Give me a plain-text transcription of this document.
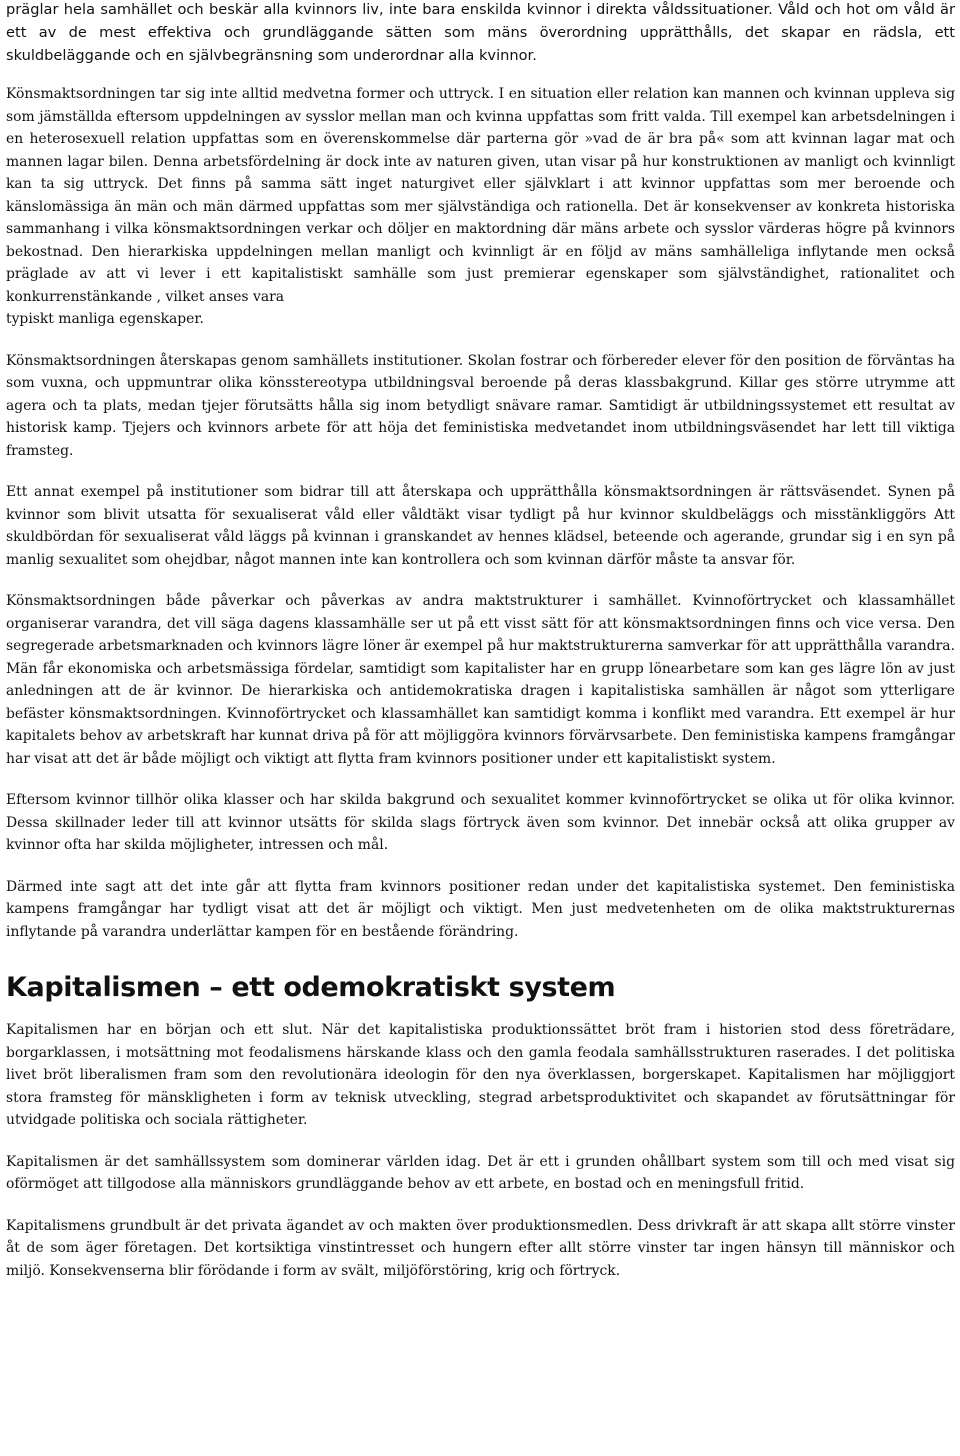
präglar hela samhället och beskär alla kvinnors liv, inte bara enskilda kvinnor i direkta våldssituationer. Våld och hot om våld är ett av de mest effektiva och grundläggande sätten som mäns överordning upprätthålls, det skapar en rädsla, ett skuldbeläggande och en självbegränsning som underordnar alla kvinnor.

Könsmaktsordningen tar sig inte alltid medvetna former och uttryck. I en situation eller relation kan mannen och kvinnan uppleva sig som jämställda eftersom uppdelningen av sysslor mellan man och kvinna uppfattas som fritt valda. Till exempel kan arbetsdelningen i en heterosexuell relation uppfattas som en överenskommelse där parterna gör »vad de är bra på« som att kvinnan lagar mat och mannen lagar bilen. Denna arbetsfördelning är dock inte av naturen given, utan visar på hur konstruktionen av manligt och kvinnligt kan ta sig uttryck. Det finns på samma sätt inget naturgivet eller självklart i att kvinnor uppfattas som mer beroende och känslomässiga än män och män därmed uppfattas som mer självständiga och rationella. Det är konsekvenser av konkreta historiska sammanhang i vilka könsmaktsordningen verkar och döljer en maktordning där mäns arbete och sysslor värderas högre på kvinnors bekostnad. Den hierarkiska uppdelningen mellan manligt och kvinnligt är en följd av mäns samhälleliga inflytande men också präglade av att vi lever i ett kapitalistiskt samhälle som just premierar egenskaper som självständighet, rationalitet och konkurrenstänkande , vilket anses vara

typiskt manliga egenskaper.

Könsmaktsordningen återskapas genom samhällets institutioner. Skolan fostrar och förbereder elever för den position de förväntas ha som vuxna, och uppmuntrar olika könsstereotypa utbildningsval beroende på deras klassbakgrund. Killar ges större utrymme att agera och ta plats, medan tjejer förutsätts hålla sig inom betydligt snävare ramar. Samtidigt är utbildningssystemet ett resultat av historisk kamp. Tjejers och kvinnors arbete för att höja det feministiska medvetandet inom utbildningsväsendet har lett till viktiga framsteg.

Ett annat exempel på institutioner som bidrar till att återskapa och upprätthålla könsmaktsordningen är rättsväsendet. Synen på kvinnor som blivit utsatta för sexualiserat våld eller våldtäkt visar tydligt på hur kvinnor skuldbeläggs och misstänkliggörs Att skuldbördan för sexualiserat våld läggs på kvinnan i granskandet av hennes klädsel, beteende och agerande, grundar sig i en syn på manlig sexualitet som ohejdbar, något mannen inte kan kontrollera och som kvinnan därför måste ta ansvar för.

Könsmaktsordningen både påverkar och påverkas av andra maktstrukturer i samhället. Kvinnoförtrycket och klassamhället organiserar varandra, det vill säga dagens klassamhälle ser ut på ett visst sätt för att könsmaktsordningen finns och vice versa. Den segregerade arbetsmarknaden och kvinnors lägre löner är exempel på hur maktstrukturerna samverkar för att upprätthålla varandra. Män får ekonomiska och arbetsmässiga fördelar, samtidigt som kapitalister har en grupp lönearbetare som kan ges lägre lön av just anledningen att de är kvinnor. De hierarkiska och antidemokratiska dragen i kapitalistiska samhällen är något som ytterligare befäster könsmaktsordningen. Kvinnoförtrycket och klassamhället kan samtidigt komma i konflikt med varandra. Ett exempel är hur kapitalets behov av arbetskraft har kunnat driva på för att möjliggöra kvinnors förvärvsarbete. Den feministiska kampens framgångar har visat att det är både möjligt och viktigt att flytta fram kvinnors positioner under ett kapitalistiskt system.

Eftersom kvinnor tillhör olika klasser och har skilda bakgrund och sexualitet kommer kvinnoförtrycket se olika ut för olika kvinnor. Dessa skillnader leder till att kvinnor utsätts för skilda slags förtryck även som kvinnor. Det innebär också att olika grupper av kvinnor ofta har skilda möjligheter, intressen och mål.

Därmed inte sagt att det inte går att flytta fram kvinnors positioner redan under det kapitalistiska systemet. Den feministiska kampens framgångar har tydligt visat att det är möjligt och viktigt. Men just medvetenheten om de olika maktstrukturernas inflytande på varandra underlättar kampen för en bestående förändring.

Kapitalismen – ett odemokratiskt system

Kapitalismen har en början och ett slut. När det kapitalistiska produktionssättet bröt fram i historien stod dess företrädare, borgarklassen, i motsättning mot feodalismens härskande klass och den gamla feodala samhällsstrukturen raserades. I det politiska livet bröt liberalismen fram som den revolutionära ideologin för den nya överklassen, borgerskapet. Kapitalismen har möjliggjort stora framsteg för mänskligheten i form av teknisk utveckling, stegrad arbetsproduktivitet och skapandet av förutsättningar för utvidgade politiska och sociala rättigheter.

Kapitalismen är det samhällssystem som dominerar världen idag. Det är ett i grunden ohållbart system som till och med visat sig oförmöget att tillgodose alla människors grundläggande behov av ett arbete, en bostad och en meningsfull fritid.

Kapitalismens grundbult är det privata ägandet av och makten över produktionsmedlen. Dess drivkraft är att skapa allt större vinster åt de som äger företagen. Det kortsiktiga vinstintresset och hungern efter allt större vinster tar ingen hänsyn till människor och miljö. Konsekvenserna blir förödande i form av svält, miljöförstöring, krig och förtryck.
